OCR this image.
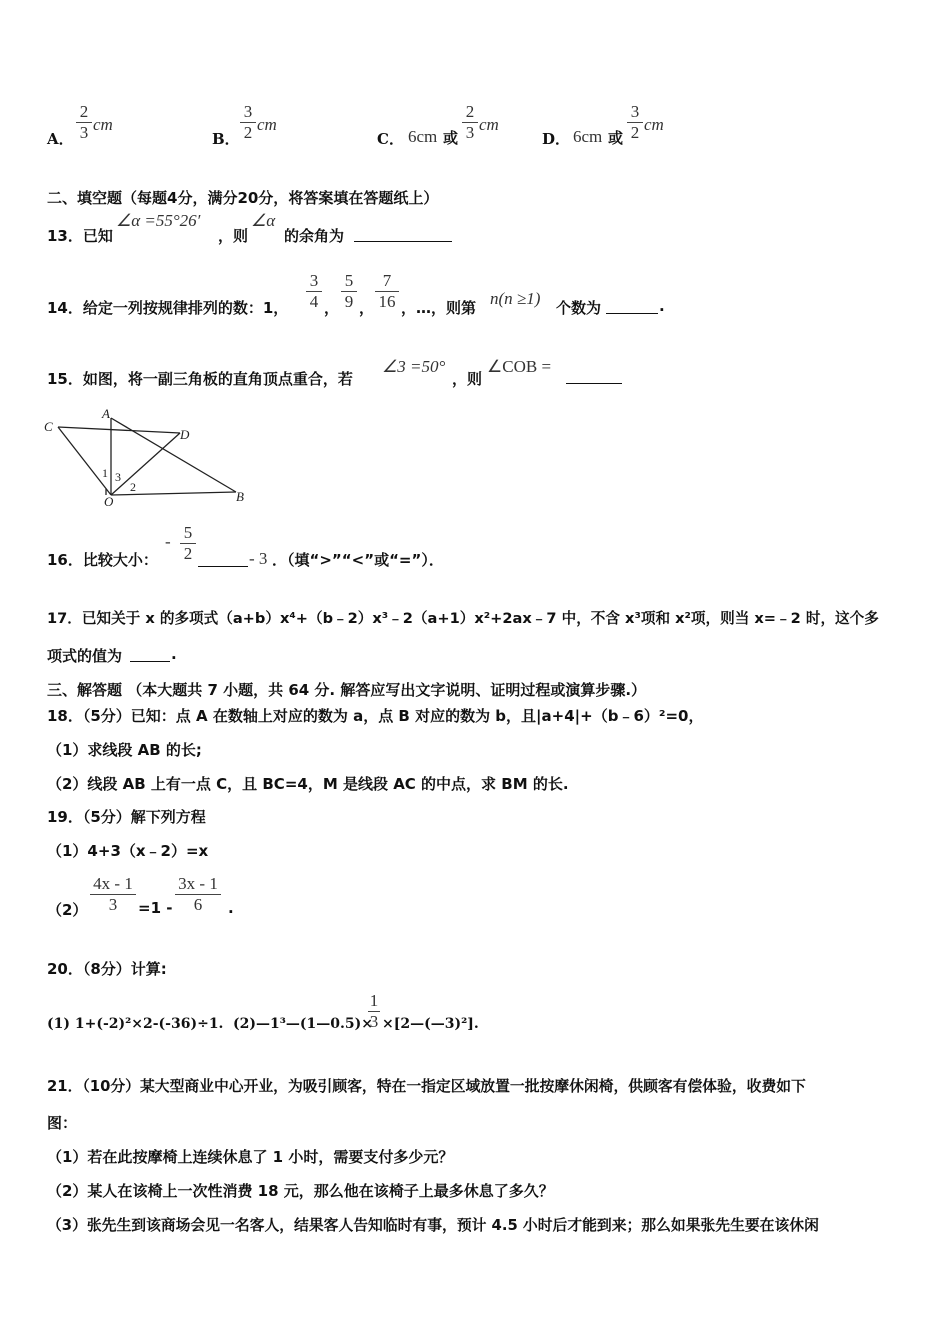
A．
2
3 cm
B．
3
2 cm
C． 6cm 或
2
3 cm
D． 6cm 或
3
2 cm
二、填空题（每题4分，满分20分，将答案填在答题纸上）
13．已知
∠α =55°26′
，则
∠α
的余角为
14．给定一列按规律排列的数：1，
3
4 ，
5
9 ，
7
16 ，…，则第 n(n ≥1) 个数为	.
15．如图，将一副三角板的直角顶点重合，若
∠3 =50°
，则
∠COB =
C
A
D
1 3
2
O	B
16．比较大小：
- 5
2	- 3 ．（填“>”“<”或“=”）．
17．已知关于 x 的多项式（a+b）x⁴+（b﹣2）x³﹣2（a+1）x²+2ax﹣7 中，不含 x³项和 x²项，则当 x=﹣2 时，这个多
项式的值为	.
三、解答题 （本大题共 7 小题，共 64 分. 解答应写出文字说明、证明过程或演算步骤.）
18．（5分）已知：点 A 在数轴上对应的数为 a，点 B 对应的数为 b，且|a+4|+（b﹣6）²=0，
（1）求线段 AB 的长;
（2）线段 AB 上有一点 C，且 BC=4，M 是线段 AC 的中点，求 BM 的长.
19．（5分）解下列方程
（1）4+3（x﹣2）=x
（2）
4x - 1
3	=1 -
3x - 1
6	.
20．（8分）计算:
(1) 1+(-2)²×2-(-36)÷1. (2)—1³—(1—0.5)×
1
3 ×[2—(—3)²].
21．（10分）某大型商业中心开业，为吸引顾客，特在一指定区域放置一批按摩休闲椅，供顾客有偿体验，收费如下
图：
（1）若在此按摩椅上连续休息了 1 小时，需要支付多少元？
（2）某人在该椅上一次性消费 18 元，那么他在该椅子上最多休息了多久？
（3）张先生到该商场会见一名客人，结果客人告知临时有事，预计 4.5 小时后才能到来；那么如果张先生要在该休闲
